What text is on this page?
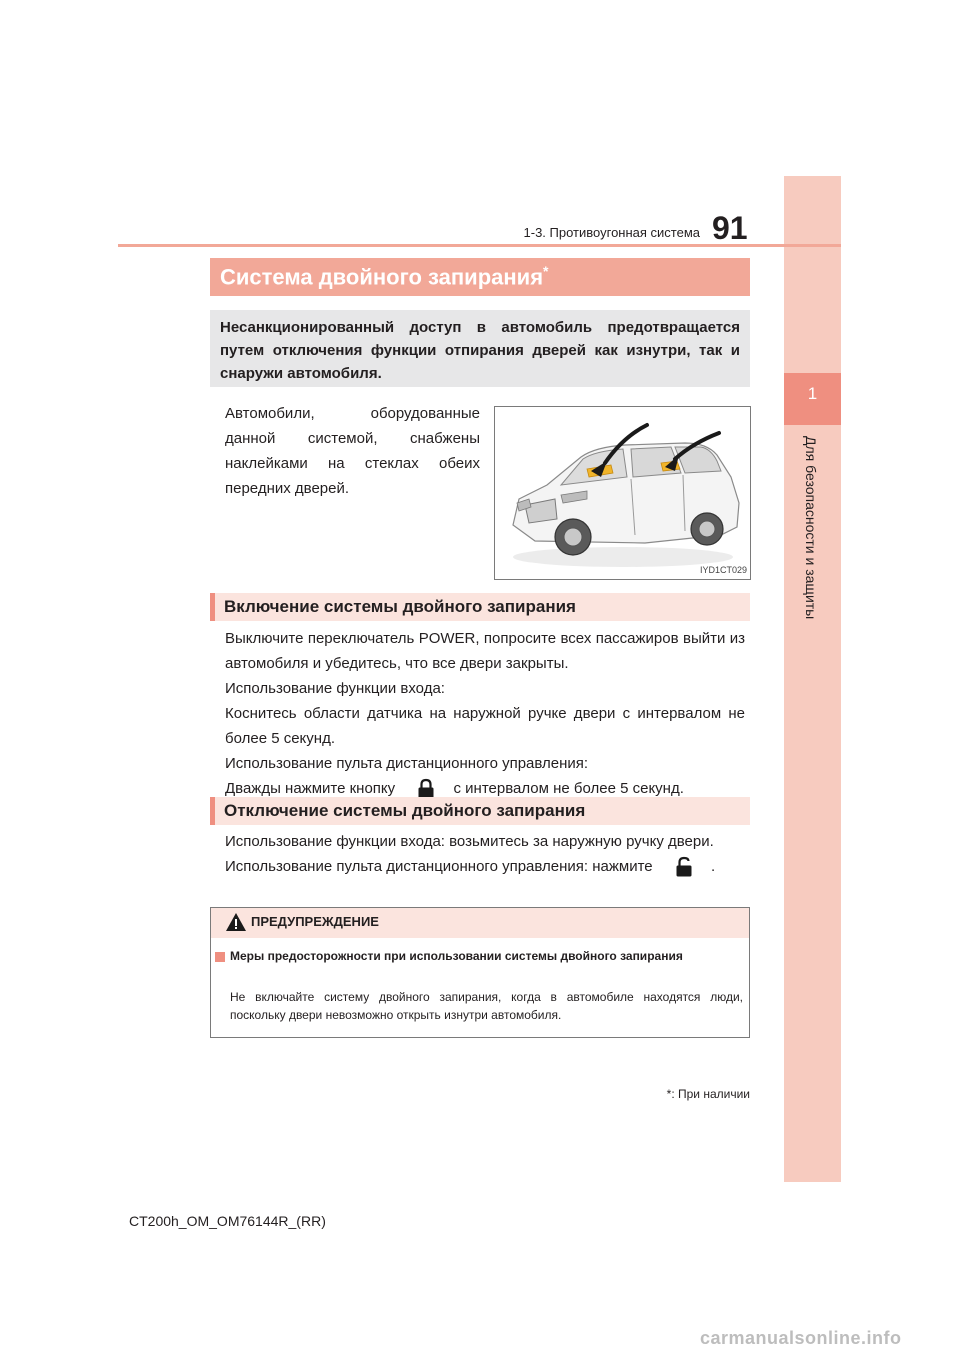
1
Для безопасности и защиты
91
1-3. Противоугонная система
Система двойного запирания*
Несанкционированный доступ в автомобиль предотвращается путем отключения функции отпирания дверей как изнутри, так и снаружи автомобиля.
Автомобили, оборудованные данной системой, снабжены наклейками на стеклах обеих передних дверей.
IYD1CT029
Включение системы двойного запирания
Выключите переключатель POWER, попросите всех пассажиров выйти из автомобиля и убедитесь, что все двери закрыты.
Использование функции входа:
Коснитесь области датчика на наружной ручке двери с интервалом не более 5 секунд.
Использование пульта дистанционного управления:
Дважды нажмите кнопку	с интервалом не более 5 секунд.
Отключение системы двойного запирания
Использование функции входа: возьмитесь за наружную ручку двери.
Использование пульта дистанционного управления: нажмите	.
ПРЕДУПРЕЖДЕНИЕ
Меры предосторожности при использовании системы двойного запирания
Не включайте систему двойного запирания, когда в автомобиле находятся люди, поскольку двери невозможно открыть изнутри автомобиля.
*: При наличии
CT200h_OM_OM76144R_(RR)
carmanualsonline.info
